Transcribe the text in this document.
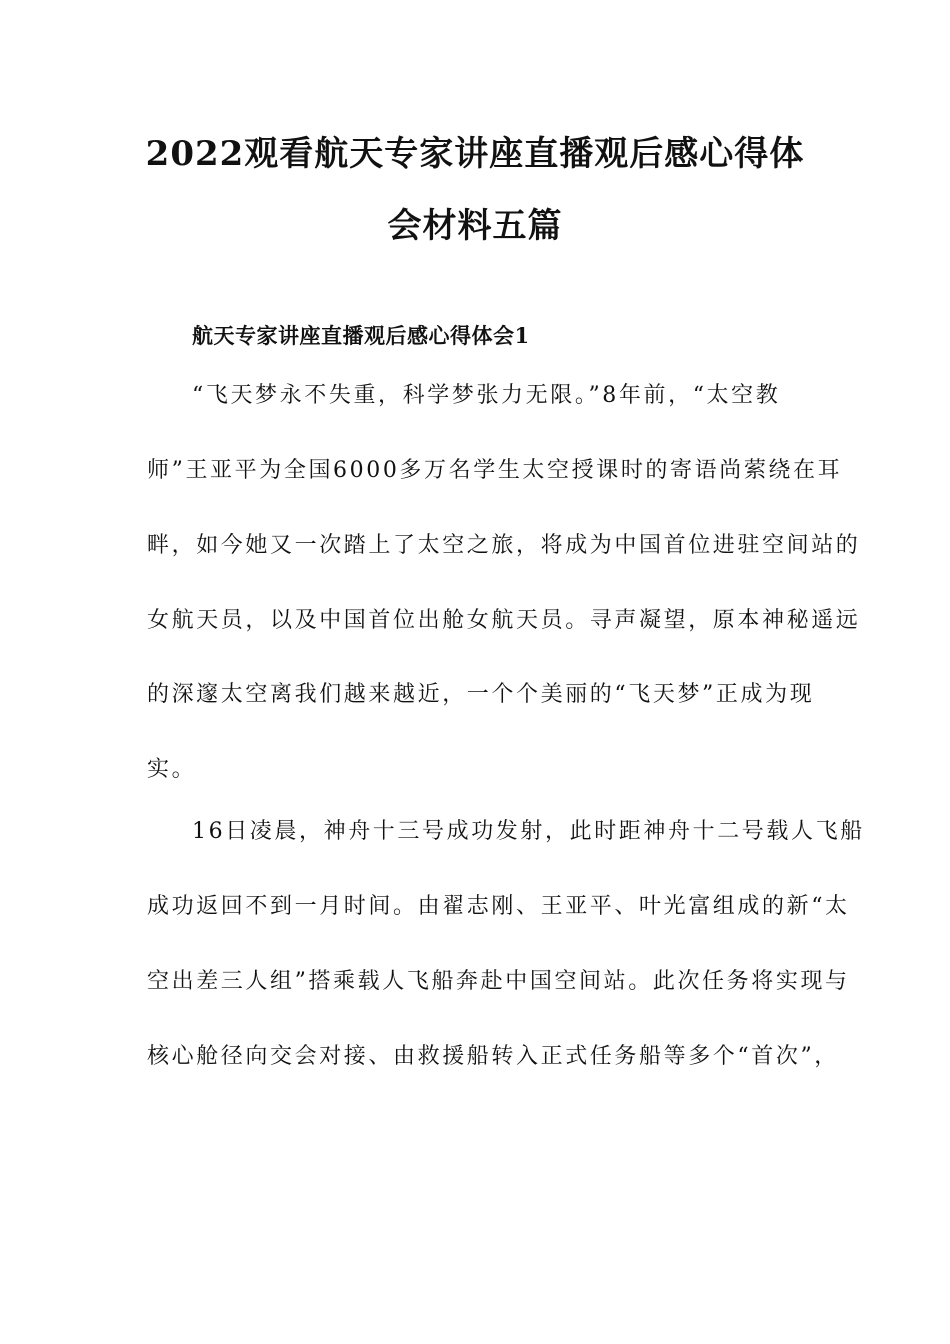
2022观看航天专家讲座直播观后感心得体
会材料五篇
航天专家讲座直播观后感心得体会1
“飞天梦永不失重，科学梦张力无限。”8年前，“太空教
师”王亚平为全国6000多万名学生太空授课时的寄语尚萦绕在耳
畔，如今她又一次踏上了太空之旅，将成为中国首位进驻空间站的
女航天员，以及中国首位出舱女航天员。寻声凝望，原本神秘遥远
的深邃太空离我们越来越近，一个个美丽的“飞天梦”正成为现
实。
16日凌晨，神舟十三号成功发射，此时距神舟十二号载人飞船
成功返回不到一月时间。由翟志刚、王亚平、叶光富组成的新“太
空出差三人组”搭乘载人飞船奔赴中国空间站。此次任务将实现与
核心舱径向交会对接、由救援船转入正式任务船等多个“首次”，
